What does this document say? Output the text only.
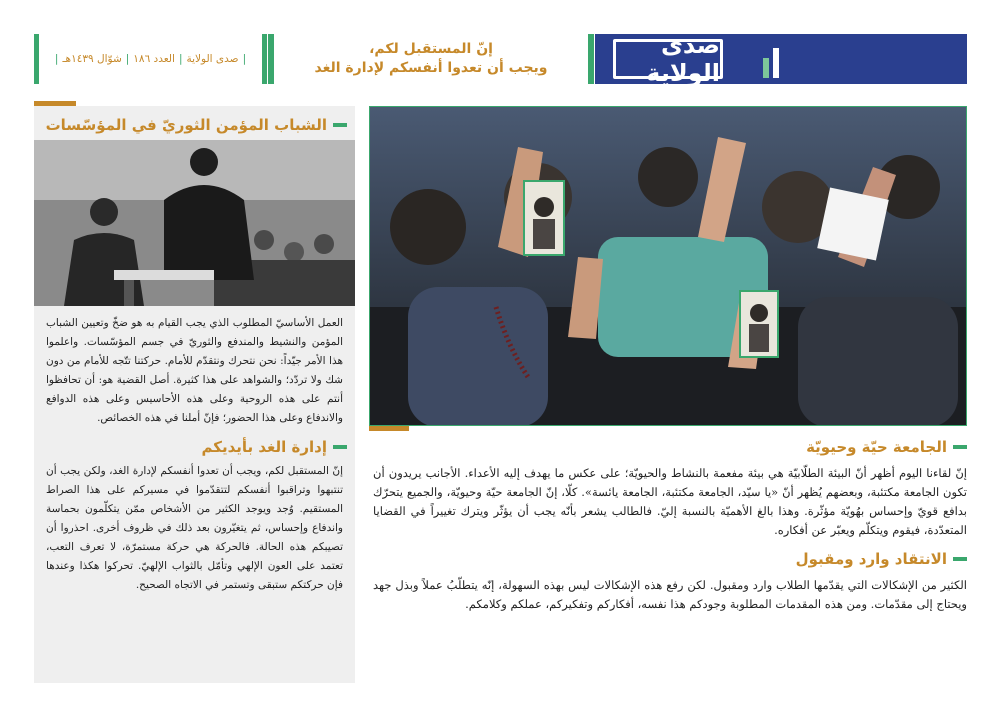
صدى الولاية
إنّ المستقبل لكم،
ويجب أن تعدوا أنفسكم لإدارة الغد
|
صدى الولاية
|
العدد ١٨٦
|
شوّال ١٤٣٩هـ
|
الجامعة حيّة وحيويّة

إنّ لقاءنا اليوم أظهر أنّ البيئة الطلّابيّة هي بيئة مفعمة بالنشاط والحيويّة؛ على عكس ما يهدف إليه الأعداء. الأجانب يريدون أن تكون الجامعة مكتئبة، وبعضهم يُظهر أنّ «يا سيّد، الجامعة مكتئبة، الجامعة يائسة». كلّا، إنّ الجامعة حيّة وحيويّة، والجميع يتحرّك بدافع قويّ وإحساس بهُويّة مؤثّرة. وهذا بالغ الأهميّة بالنسبة إليّ. فالطالب يشعر بأنّه يجب أن يؤثّر ويترك تغييراً في القضايا المتعدّدة، فيقوم ويتكلّم ويعبّر عن أفكاره.

الانتقاد وارد ومقبول

الكثير من الإشكالات التي يقدّمها الطلاب وارد ومقبول. لكن رفع هذه الإشكالات ليس بهذه السهولة، إنّه يتطلّبُ عملاً وبذل جهد ويحتاج إلى مقدّمات. ومن هذه المقدمات المطلوبة وجودكم هذا نفسه، أفكاركم وتفكيركم، عملكم وكلامكم.

الشباب المؤمن الثوريّ في المؤسّسات

العمل الأساسيّ المطلوب الذي يجب القيام به هو ضخّ وتعيين الشباب المؤمن والنشيط والمندفع والثوريّ في جسم المؤسّسات. واعلموا هذا الأمر جيّداً: نحن نتحرك ونتقدّم للأمام. حركتنا تتّجه للأمام من دون شك ولا تردّد؛ والشواهد على هذا كثيرة. أصل القضية هو: أن تحافظوا أنتم على هذه الروحية وعلى هذه الأحاسيس وعلى هذه الدوافع والاندفاع وعلى هذا الحضور؛ فإنّ أملنا في هذه الخصائص.

إدارة الغد بأيديكم

إنّ المستقبل لكم، ويجب أن تعدوا أنفسكم لإدارة الغد، ولكن يجب أن تنتبهوا وتراقبوا أنفسكم لتتقدّموا في مسيركم على هذا الصراط المستقيم. وُجد ويوجد الكثير من الأشخاص ممّن يتكلّمون بحماسة واندفاع وإحساس، ثم يتغيّرون بعد ذلك في ظروف أخرى. احذروا أن تصيبكم هذه الحالة. فالحركة هي حركة مستمرّة، لا تعرف التعب، تعتمد على العون الإلهي وتأمّل بالثواب الإلهيّ. تحركوا هكذا وعندها فإن حركتكم ستبقى وتستمر في الاتجاه الصحيح.
